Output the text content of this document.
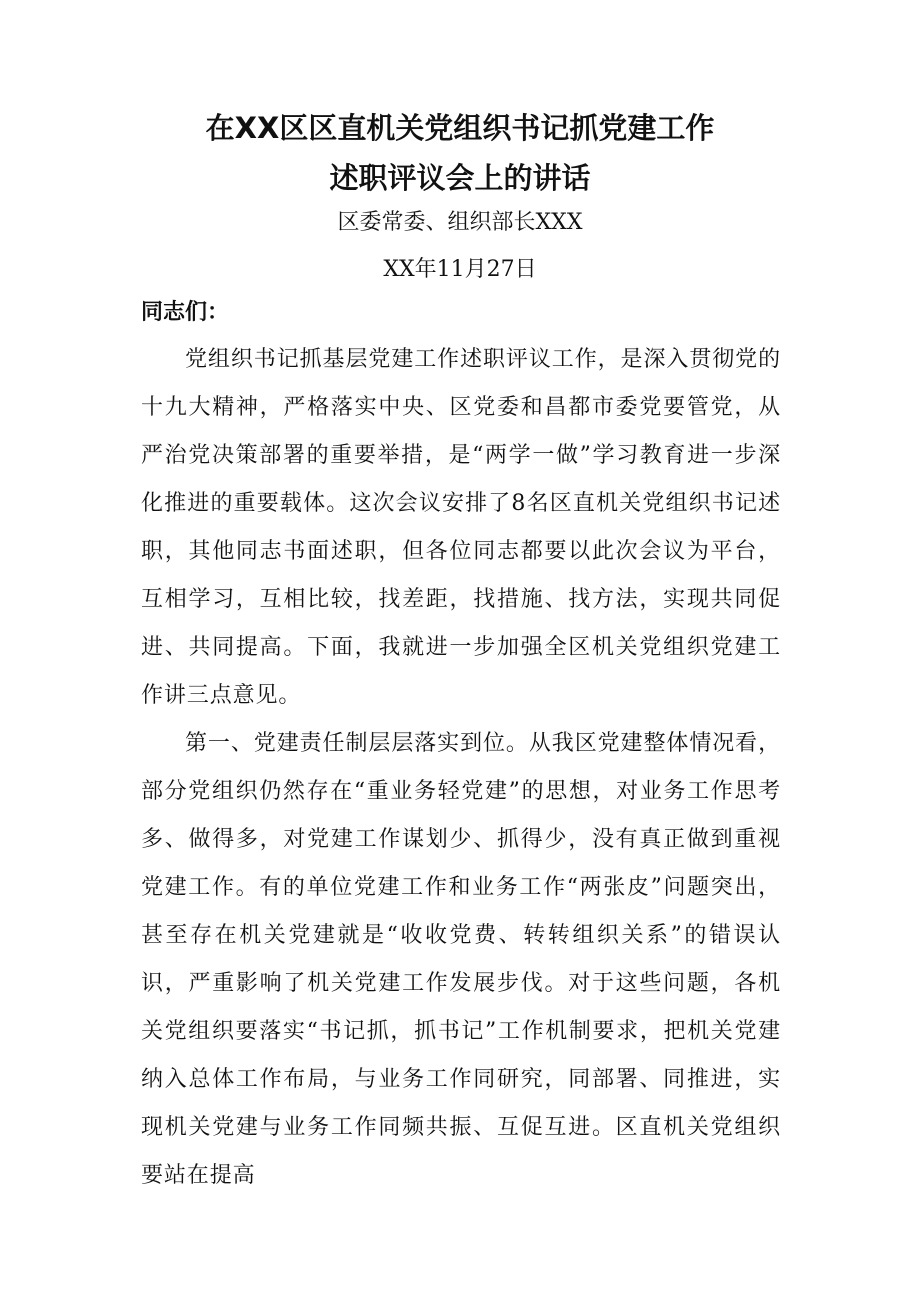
在XX区区直机关党组织书记抓党建工作
述职评议会上的讲话
区委常委、组织部长XXX
XX年11月27日
同志们：

党组织书记抓基层党建工作述职评议工作，是深入贯彻党的十九大精神，严格落实中央、区党委和昌都市委党要管党，从严治党决策部署的重要举措，是“两学一做”学习教育进一步深化推进的重要载体。这次会议安排了8名区直机关党组织书记述职，其他同志书面述职，但各位同志都要以此次会议为平台，互相学习，互相比较，找差距，找措施、找方法，实现共同促进、共同提高。下面，我就进一步加强全区机关党组织党建工作讲三点意见。

第一、党建责任制层层落实到位。从我区党建整体情况看，部分党组织仍然存在“重业务轻党建”的思想，对业务工作思考多、做得多，对党建工作谋划少、抓得少，没有真正做到重视党建工作。有的单位党建工作和业务工作“两张皮”问题突出，甚至存在机关党建就是“收收党费、转转组织关系”的错误认识，严重影响了机关党建工作发展步伐。对于这些问题，各机关党组织要落实“书记抓，抓书记”工作机制要求，把机关党建纳入总体工作布局，与业务工作同研究，同部署、同推进，实现机关党建与业务工作同频共振、互促互进。区直机关党组织要站在提高
